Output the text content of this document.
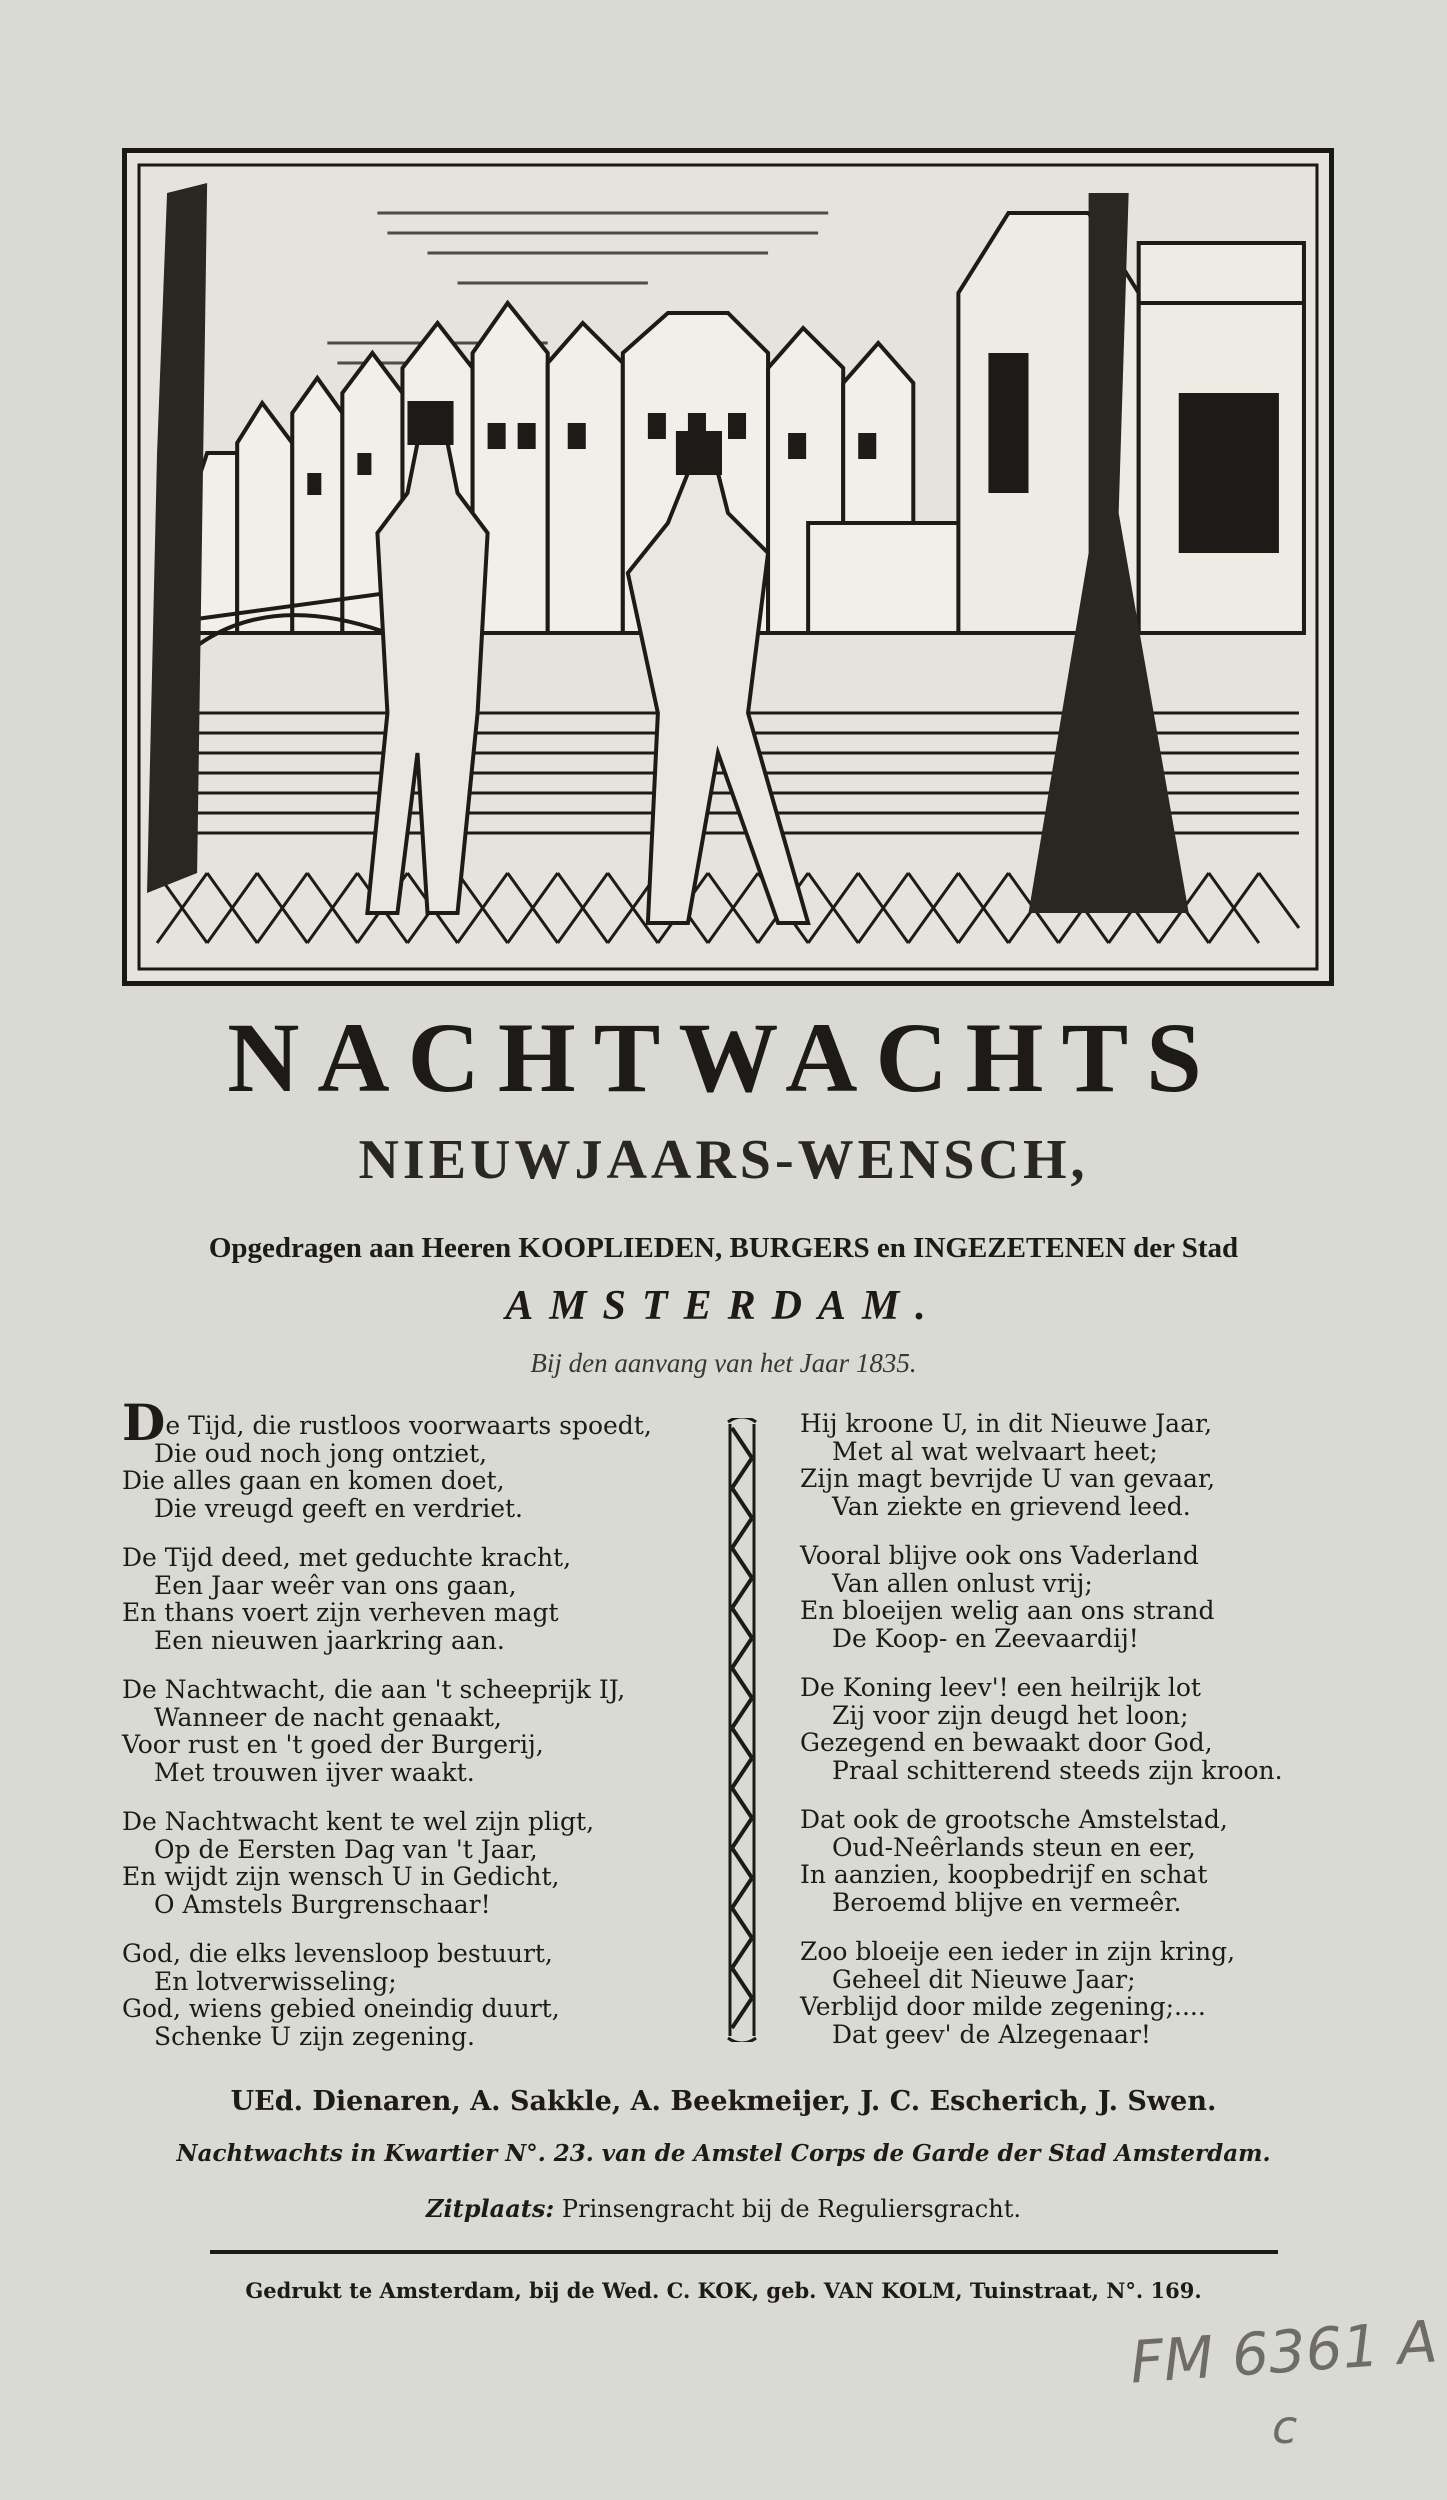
NACHTWACHTS
NIEUWJAARS-WENSCH,
Opgedragen aan Heeren KOOPLIEDEN, BURGERS en INGEZETENEN der Stad
AMSTERDAM.
Bij den aanvang van het Jaar 1835.
De Tijd, die rustloos voorwaarts spoedt,
Die oud noch jong ontziet,
Die alles gaan en komen doet,
Die vreugd geeft en verdriet.
De Tijd deed, met geduchte kracht,
Een Jaar weêr van ons gaan,
En thans voert zijn verheven magt
Een nieuwen jaarkring aan.
De Nachtwacht, die aan 't scheeprijk IJ,
Wanneer de nacht genaakt,
Voor rust en 't goed der Burgerij,
Met trouwen ijver waakt.
De Nachtwacht kent te wel zijn pligt,
Op de Eersten Dag van 't Jaar,
En wijdt zijn wensch U in Gedicht,
O Amstels Burgrenschaar!
God, die elks levensloop bestuurt,
En lotverwisseling;
God, wiens gebied oneindig duurt,
Schenke U zijn zegening.
Hij kroone U, in dit Nieuwe Jaar,
Met al wat welvaart heet;
Zijn magt bevrijde U van gevaar,
Van ziekte en grievend leed.
Vooral blijve ook ons Vaderland
Van allen onlust vrij;
En bloeijen welig aan ons strand
De Koop- en Zeevaardij!
De Koning leev'! een heilrijk lot
Zij voor zijn deugd het loon;
Gezegend en bewaakt door God,
Praal schitterend steeds zijn kroon.
Dat ook de grootsche Amstelstad,
Oud-Neêrlands steun en eer,
In aanzien, koopbedrijf en schat
Beroemd blijve en vermeêr.
Zoo bloeije een ieder in zijn kring,
Geheel dit Nieuwe Jaar;
Verblijd door milde zegening;....
Dat geev' de Alzegenaar!
UEd. Dienaren, A. Sakkle, A. Beekmeijer, J. C. Escherich, J. Swen.
Nachtwachts in Kwartier N°. 23. van de Amstel Corps de Garde der Stad Amsterdam.
Zitplaats: Prinsengracht bij de Reguliersgracht.
Gedrukt te Amsterdam, bij de Wed. C. KOK, geb. VAN KOLM, Tuinstraat, N°. 169.
FM 6361 A
c
